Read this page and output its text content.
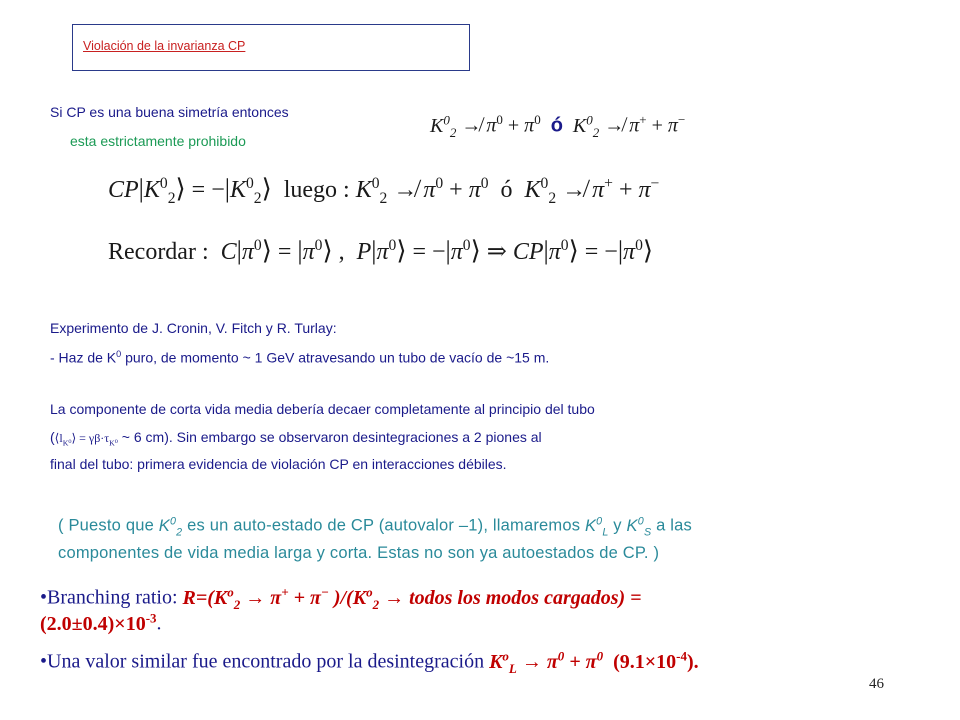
Violación de la invarianza CP
Si CP es una buena simetría entonces
esta estrictamente prohibido
$K^0_2$ ↛ $\pi^0 + \pi^0$ ó $K^0_2$ ↛ π+ + π−
$CP|K^0_2⟩$ = $-|K^0_2⟩$ luego : $K^0_2$ ↛ $\pi^0 + \pi^0$ ó $K^0_2$ ↛ π+ + π−
Recordar : $C|\pi^0⟩$ = $|\pi^0⟩$ , $P|\pi^0⟩$ = $-|\pi^0⟩$ ⇒ $CP|\pi^0⟩$ = $-|\pi^0⟩$
Experimento de J. Cronin, V. Fitch y R. Turlay:
- Haz de $K^0$ puro, de momento ~ 1 GeV atravesando un tubo de vacío de ~15 m.
La componente de corta vida media debería decaer completamente al principio del tubo
($⟨l_{K^0}⟩ = \gamma\beta\cdot\tau_{K^0}$ ~ 6 cm). Sin embargo se observaron desintegraciones a 2 piones al
final del tubo: primera evidencia de violación CP en interacciones débiles.
( Puesto que $K^0_2$ es un auto-estado de CP (autovalor –1), llamaremos $K^0_L$ y $K^0_S$ a las
componentes de vida media larga y corta. Estas no son ya autoestados de CP. )
•Branching ratio: $R=(K^o_2 \to \pi^+ + \pi^-$ )$/(K^o_2$ → todos los modos cargados) =
$(2.0\pm 0.4)\times 10^{-3}$.
•Una valor similar fue encontrado por la desintegración $K^o_L \to \pi^0 + \pi^0$ $(9.1\times 10^{-4})$.
46
